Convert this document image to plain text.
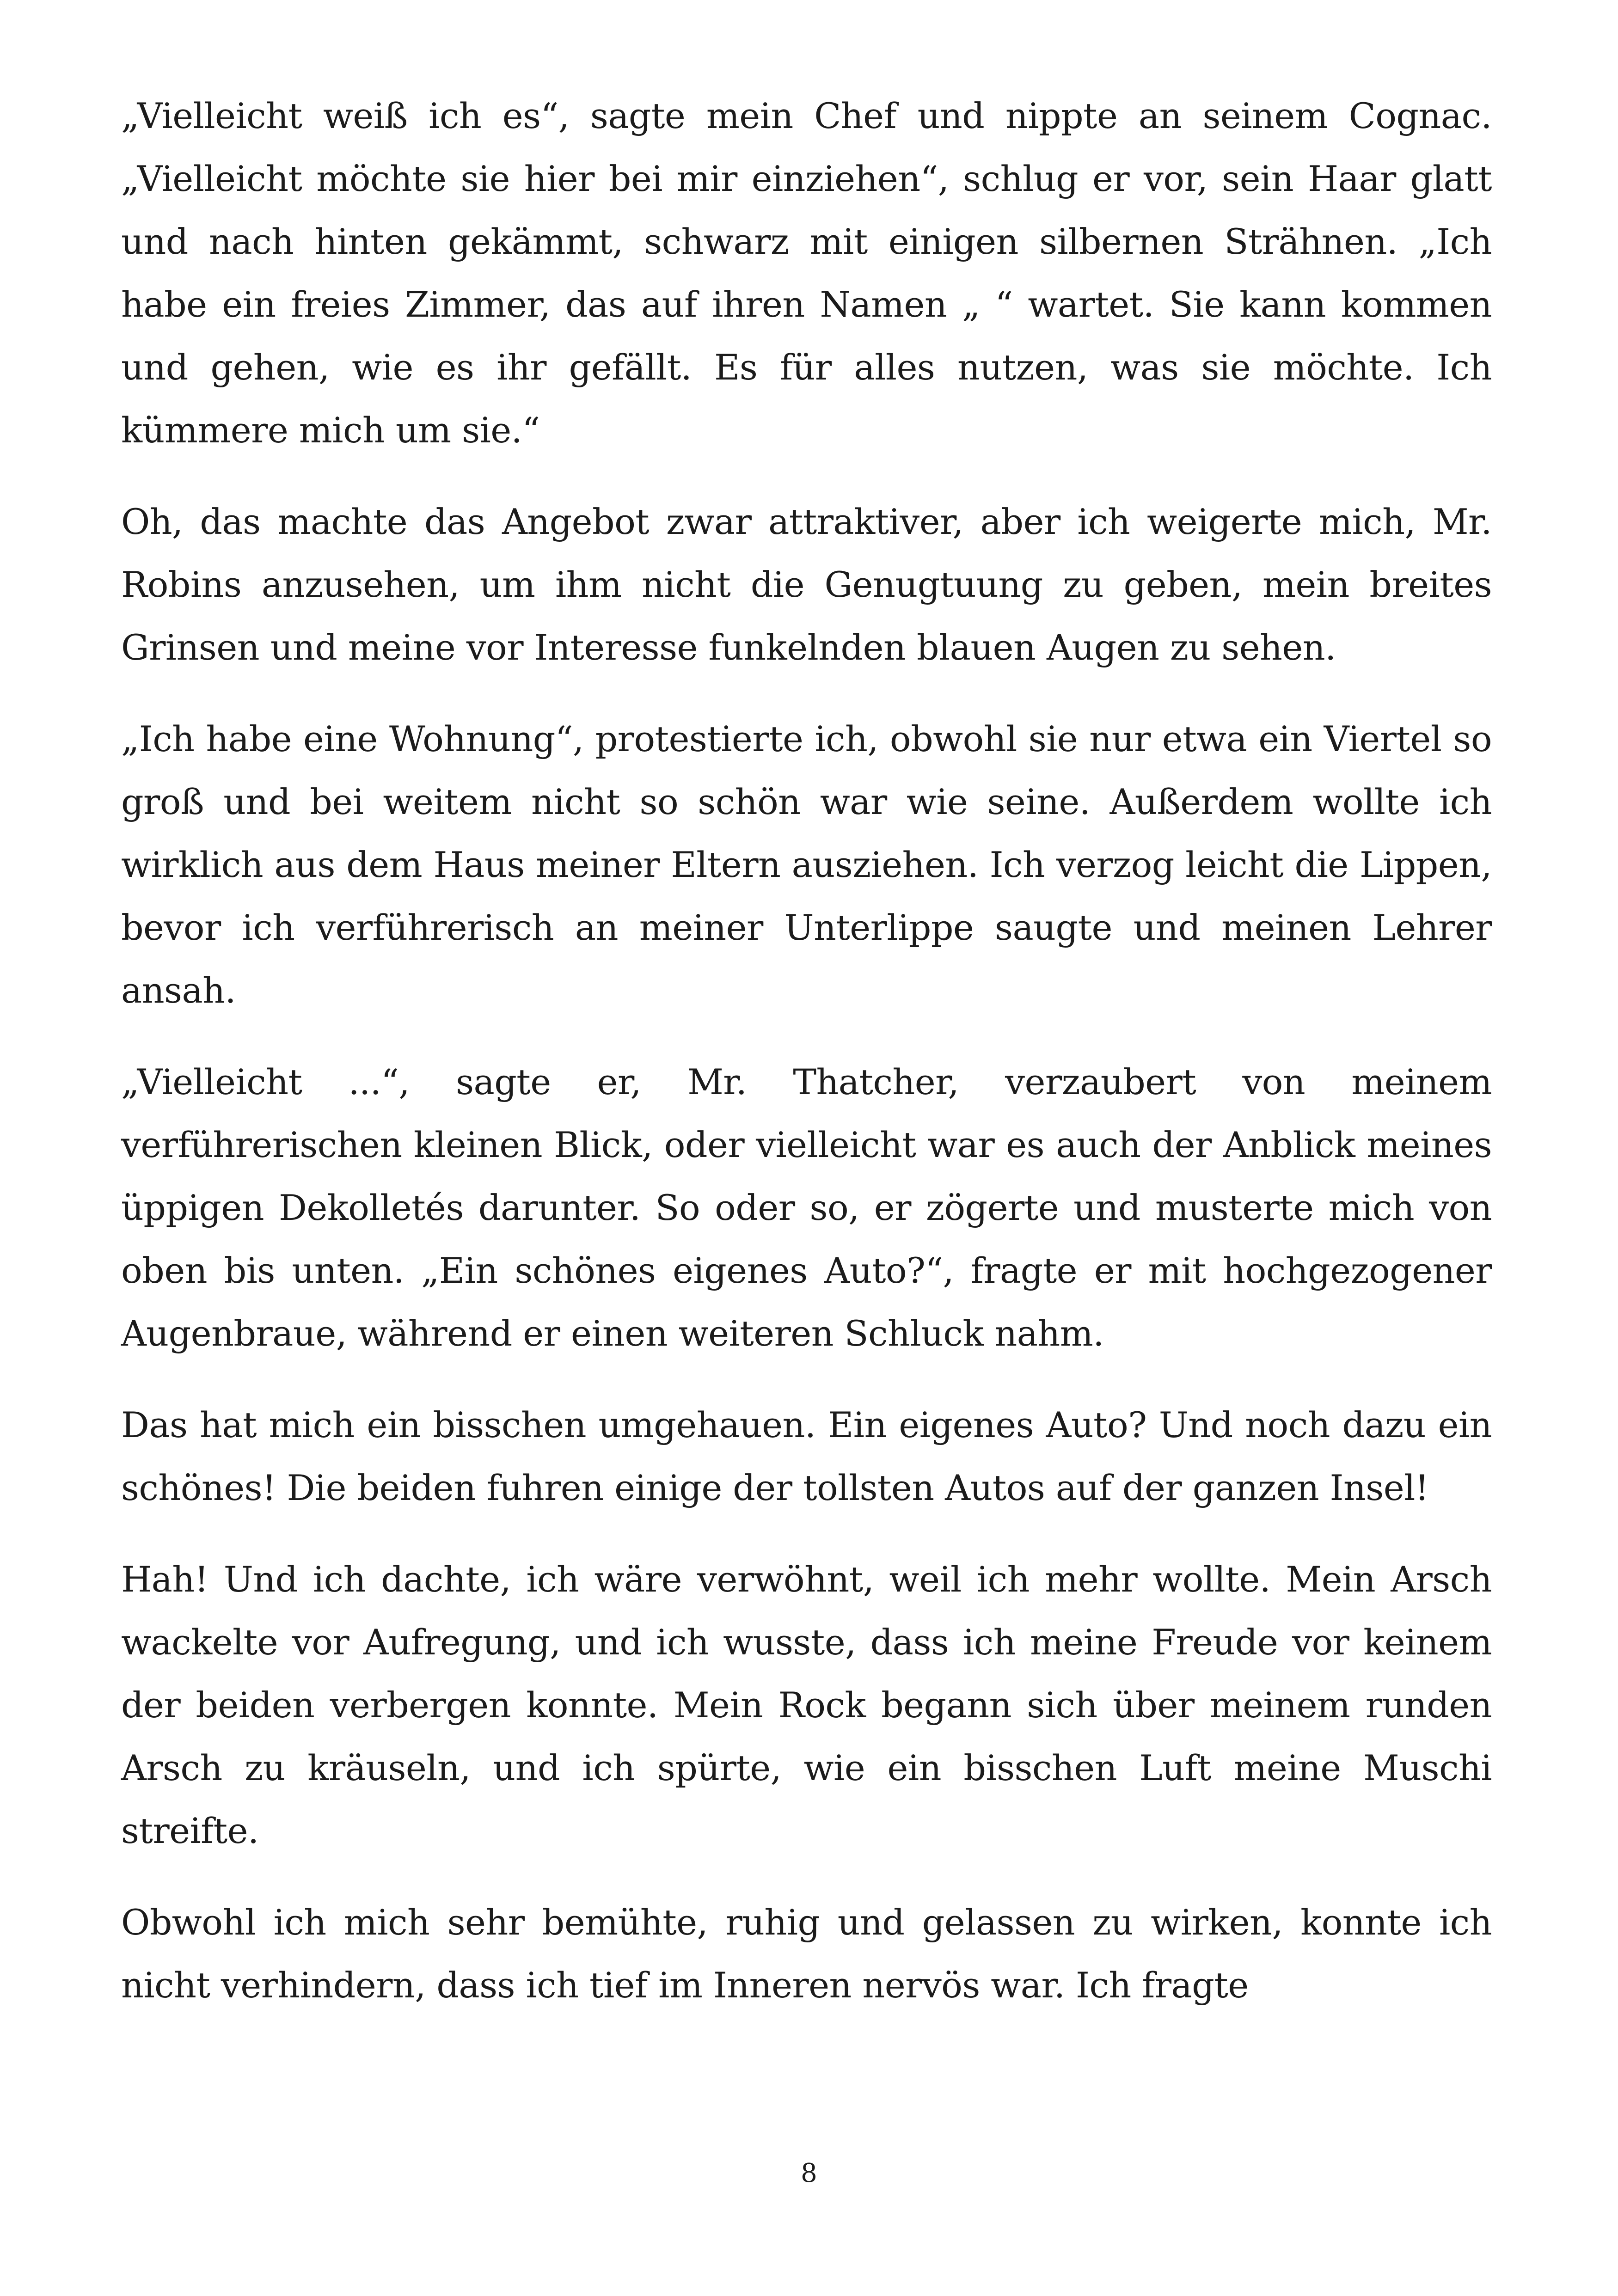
„Vielleicht weiß ich es“, sagte mein Chef und nippte an seinem Cognac. „Vielleicht möchte sie hier bei mir einziehen“, schlug er vor, sein Haar glatt und nach hinten gekämmt, schwarz mit einigen silbernen Strähnen. „Ich habe ein freies Zimmer, das auf ihren Namen „ “ wartet. Sie kann kommen und gehen, wie es ihr gefällt. Es für alles nutzen, was sie möchte. Ich kümmere mich um sie.“

Oh, das machte das Angebot zwar attraktiver, aber ich weigerte mich, Mr. Robins anzusehen, um ihm nicht die Genugtuung zu geben, mein breites Grinsen und meine vor Interesse funkelnden blauen Augen zu sehen.

„Ich habe eine Wohnung“, protestierte ich, obwohl sie nur etwa ein Viertel so groß und bei weitem nicht so schön war wie seine. Außerdem wollte ich wirklich aus dem Haus meiner Eltern ausziehen. Ich verzog leicht die Lippen, bevor ich verführerisch an meiner Unterlippe saugte und meinen Lehrer ansah.

„Vielleicht ...“, sagte er, Mr. Thatcher, verzaubert von meinem verführerischen kleinen Blick, oder vielleicht war es auch der Anblick meines üppigen Dekolletés darunter. So oder so, er zögerte und musterte mich von oben bis unten. „Ein schönes eigenes Auto?“, fragte er mit hochgezogener Augenbraue, während er einen weiteren Schluck nahm.

Das hat mich ein bisschen umgehauen. Ein eigenes Auto? Und noch dazu ein schönes! Die beiden fuhren einige der tollsten Autos auf der ganzen Insel!

Hah! Und ich dachte, ich wäre verwöhnt, weil ich mehr wollte. Mein Arsch wackelte vor Aufregung, und ich wusste, dass ich meine Freude vor keinem der beiden verbergen konnte. Mein Rock begann sich über meinem runden Arsch zu kräuseln, und ich spürte, wie ein bisschen Luft meine Muschi streifte.

Obwohl ich mich sehr bemühte, ruhig und gelassen zu wirken, konnte ich nicht verhindern, dass ich tief im Inneren nervös war. Ich fragte

8
